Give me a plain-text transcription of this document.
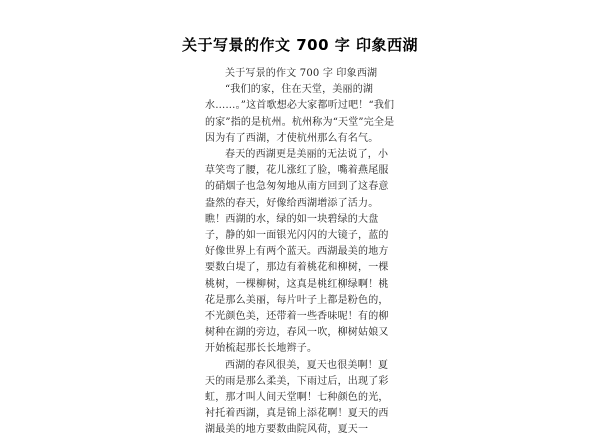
关于写景的作文 700 字 印象西湖

关于写景的作文 700 字 印象西湖

“我们的家，住在天堂，美丽的湖水……。”这首歌想必大家都听过吧！“我们的家”指的是杭州。杭州称为“天堂”完全是因为有了西湖，才使杭州那么有名气。

春天的西湖更是美丽的无法说了，小草笑弯了腰，花儿涨红了脸，嘴着燕尾服的硝烟子也急匆匆地从南方回到了这春意盎然的春天，好像给西湖增添了活力。瞧！西湖的水，绿的如一块碧绿的大盘子，静的如一面银光闪闪的大镜子，蓝的好像世界上有两个蓝天。西湖最美的地方要数白堤了，那边有着桃花和柳树，一棵桃树，一棵柳树，这真是桃红柳绿啊！桃花是那么美丽，每片叶子上都是粉色的，不光颜色美，还带着一些香味呢！有的柳树种在湖的旁边，春风一吹，柳树姑娘又开始梳起那长长地辫子。

西湖的春风很美，夏天也很美啊！夏天的雨是那么柔美，下雨过后，出现了彩虹，那才叫人间天堂啊！七种颜色的光，衬托着西湖，真是锦上添花啊！夏天的西湖最美的地方要数曲院风荷，夏天一
